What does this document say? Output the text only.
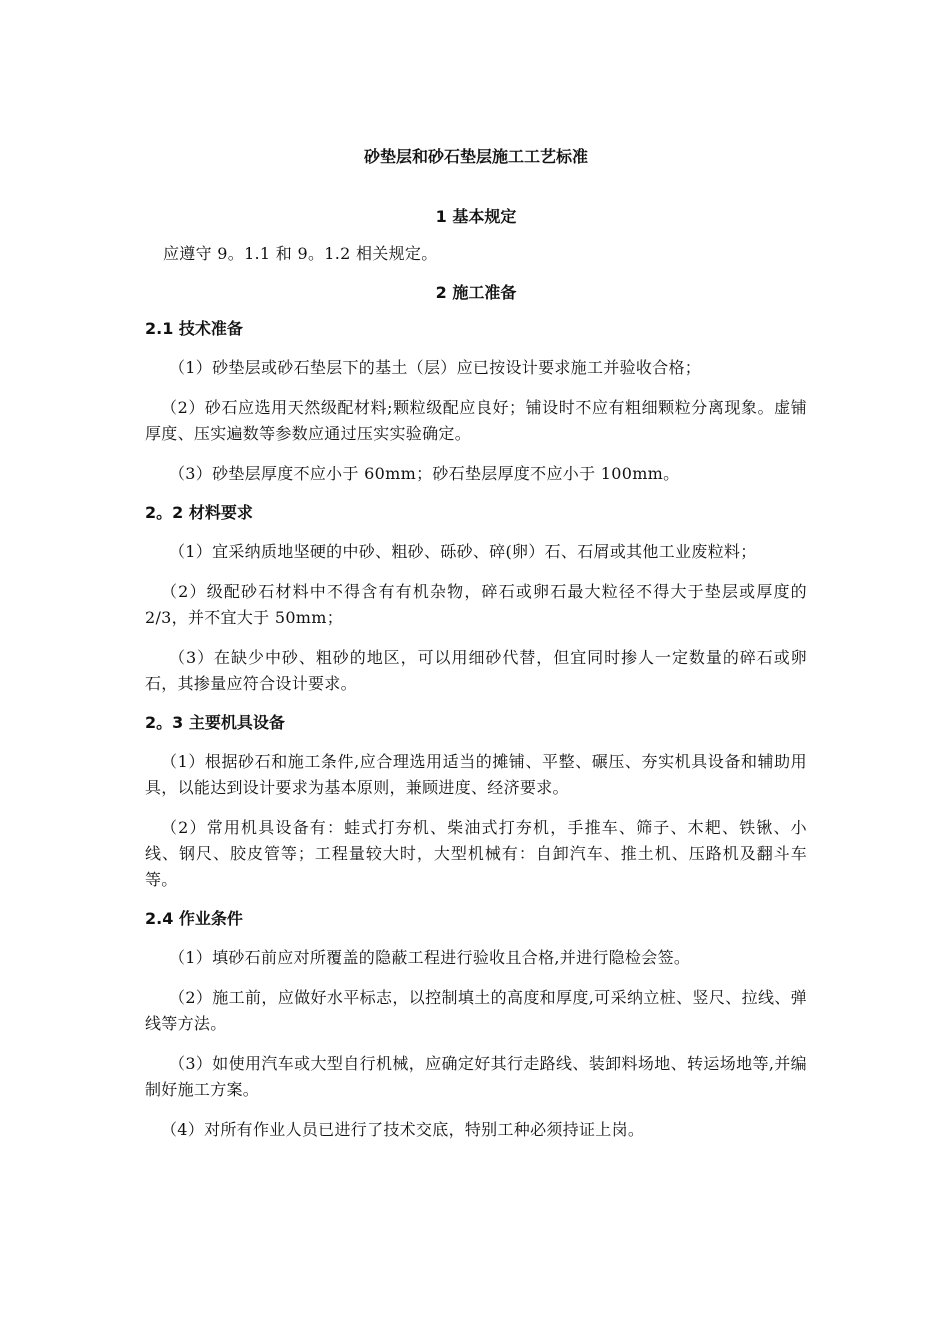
砂垫层和砂石垫层施工工艺标准
1 基本规定
应遵守 9。1.1 和 9。1.2 相关规定。
2 施工准备
2.1 技术准备
（1）砂垫层或砂石垫层下的基土（层）应已按设计要求施工并验收合格；
（2）砂石应选用天然级配材料;颗粒级配应良好；铺设时不应有粗细颗粒分离现象。虚铺厚度、压实遍数等参数应通过压实实验确定。
（3）砂垫层厚度不应小于 60mm；砂石垫层厚度不应小于 100mm。
2。2 材料要求
（1）宜采纳质地坚硬的中砂、粗砂、砾砂、碎(卵）石、石屑或其他工业废粒料；
（2）级配砂石材料中不得含有有机杂物，碎石或卵石最大粒径不得大于垫层或厚度的 2/3，并不宜大于 50mm；
（3）在缺少中砂、粗砂的地区，可以用细砂代替，但宜同时掺人一定数量的碎石或卵石，其掺量应符合设计要求。
2。3 主要机具设备
（1）根据砂石和施工条件,应合理选用适当的摊铺、平整、碾压、夯实机具设备和辅助用具，以能达到设计要求为基本原则，兼顾进度、经济要求。
（2）常用机具设备有：蛙式打夯机、柴油式打夯机，手推车、筛子、木耙、铁锹、小线、钢尺、胶皮管等；工程量较大时，大型机械有：自卸汽车、推土机、压路机及翻斗车等。
2.4 作业条件
（1）填砂石前应对所覆盖的隐蔽工程进行验收且合格,并进行隐检会签。
（2）施工前，应做好水平标志，以控制填土的高度和厚度,可采纳立桩、竖尺、拉线、弹线等方法。
（3）如使用汽车或大型自行机械，应确定好其行走路线、装卸料场地、转运场地等,并编制好施工方案。
（4）对所有作业人员已进行了技术交底，特别工种必须持证上岗。
